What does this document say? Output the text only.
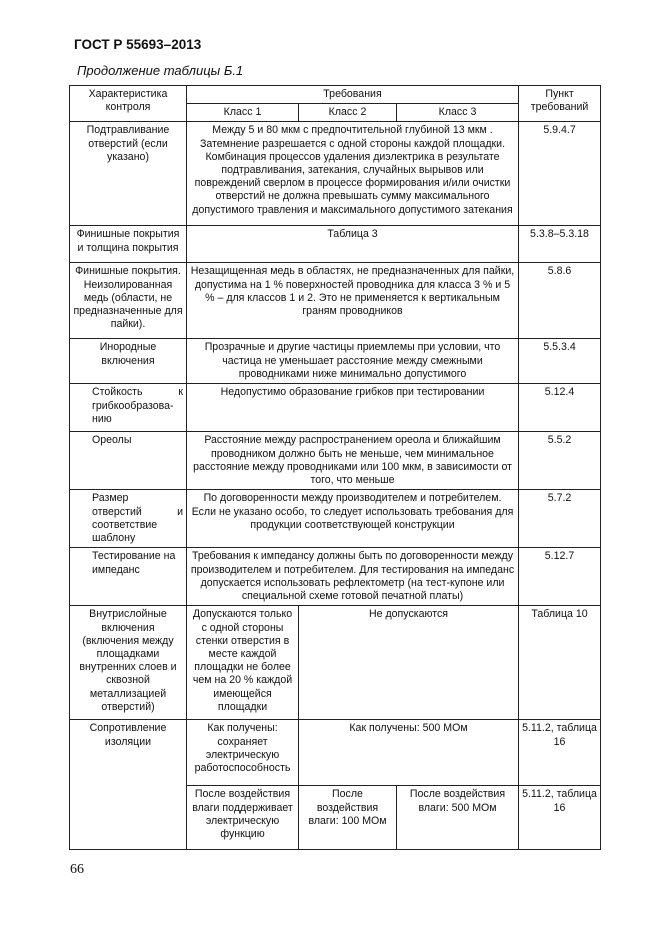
ГОСТ Р 55693–2013
Продолжение таблицы Б.1
Характеристика контроля	Требования			Пункт требований
	Класс 1	Класс 2	Класс 3	
Подтравливание отверстий (если указано)	Между 5 и 80 мкм с предпочтительной глубиной 13 мкм . Затемнение разрешается с одной стороны каждой площадки. Комбинация процессов удаления диэлектрика в результате подтравливания, затекания, случайных вырывов или повреждений сверлом в процессе формирования и/или очистки отверстий не должна превышать сумму максимального допустимого травления и максимального допустимого затекания			5.9.4.7
Финишные покрытия и толщина покрытия	Таблица 3			5.3.8–5.3.18
Финишные покрытия. Неизолированная медь (области, не предназначенные для пайки).	Незащищенная медь в областях, не предназначенных для пайки, допустима на 1 % поверхностей проводника для класса 3 % и 5 % – для классов 1 и 2. Это не применяется к вертикальным граням проводников			5.8.6
Инородные включения	Прозрачные и другие частицы приемлемы при условии, что частица не уменьшает расстояние между смежными проводниками ниже минимально допустимого			5.5.3.4

Стойкость к
грибкообразова-
нию	Недопустимо образование грибков при тестировании			5.12.4
Ореолы	Расстояние между распространением ореола и ближайшим проводником должно быть не меньше, чем минимальное расстояние между проводниками или 100 мкм, в зависимости от того, что меньше			5.5.2

Размер
отверстий и
соответствие
шаблону	По договоренности между производителем и потребителем. Если не указано особо, то следует использовать требования для продукции соответствующей конструкции			5.7.2
Тестирование на импеданс	Требования к импедансу должны быть по договоренности между производителем и потребителем. Для тестирования на импеданс допускается использовать рефлектометр (на тест-купоне или специальной схеме готовой печатной платы)			5.12.7
Внутрислойные включения (включения между площадками внутренних слоев и сквозной металлизацией отверстий)	Допускаются только с одной стороны стенки отверстия в месте каждой площадки не более чем на 20 % каждой имеющейся площадки	Не допускаются		Таблица 10
Сопротивление изоляции	Как получены: сохраняет электрическую работоспособность	Как получены: 500 МОм		5.11.2, таблица 16
	После воздействия влаги поддерживает электрическую функцию	После воздействия влаги: 100 МОм	После воздействия влаги: 500 МОм	5.11.2, таблица 16
66
